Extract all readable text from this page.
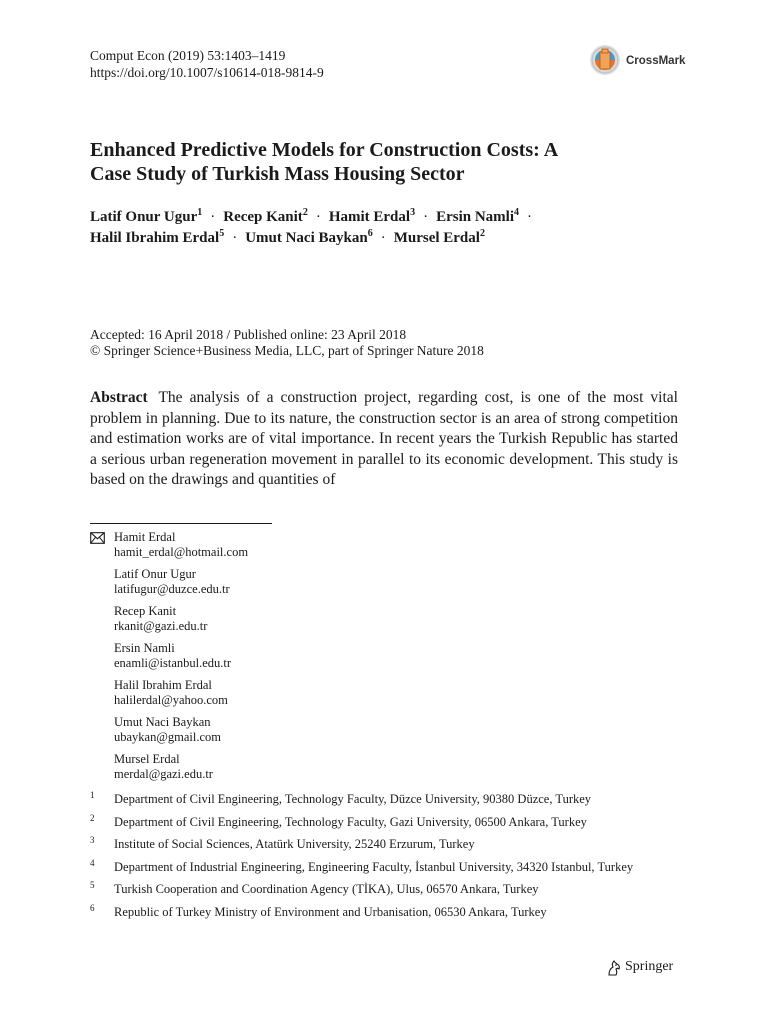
Comput Econ (2019) 53:1403–1419
https://doi.org/10.1007/s10614-018-9814-9
CrossMark
Enhanced Predictive Models for Construction Costs: A
Case Study of Turkish Mass Housing Sector
Latif Onur Ugur$^1$ · Recep Kanit$^2$ · Hamit Erdal$^3$ · Ersin Namli$^4$ ·
Halil Ibrahim Erdal$^5$ · Umut Naci Baykan$^6$ · Mursel Erdal$^2$
Accepted: 16 April 2018 / Published online: 23 April 2018
© Springer Science+Business Media, LLC, part of Springer Nature 2018
Abstract The analysis of a construction project, regarding cost, is one of the most vital problem in planning. Due to its nature, the construction sector is an area of strong competition and estimation works are of vital importance. In recent years the Turkish Republic has started a serious urban regeneration movement in parallel to its economic development. This study is based on the drawings and quantities of
Hamit Erdal
hamit_erdal@hotmail.com
Latif Onur Ugur
latifugur@duzce.edu.tr
Recep Kanit
rkanit@gazi.edu.tr
Ersin Namli
enamli@istanbul.edu.tr
Halil Ibrahim Erdal
halilerdal@yahoo.com
Umut Naci Baykan
ubaykan@gmail.com
Mursel Erdal
merdal@gazi.edu.tr
1 Department of Civil Engineering, Technology Faculty, Düzce University, 90380 Düzce, Turkey
2 Department of Civil Engineering, Technology Faculty, Gazi University, 06500 Ankara, Turkey
3 Institute of Social Sciences, Atatürk University, 25240 Erzurum, Turkey
4 Department of Industrial Engineering, Engineering Faculty, İstanbul University, 34320 Istanbul, Turkey
5 Turkish Cooperation and Coordination Agency (TİKA), Ulus, 06570 Ankara, Turkey
6 Republic of Turkey Ministry of Environment and Urbanisation, 06530 Ankara, Turkey
Springer
